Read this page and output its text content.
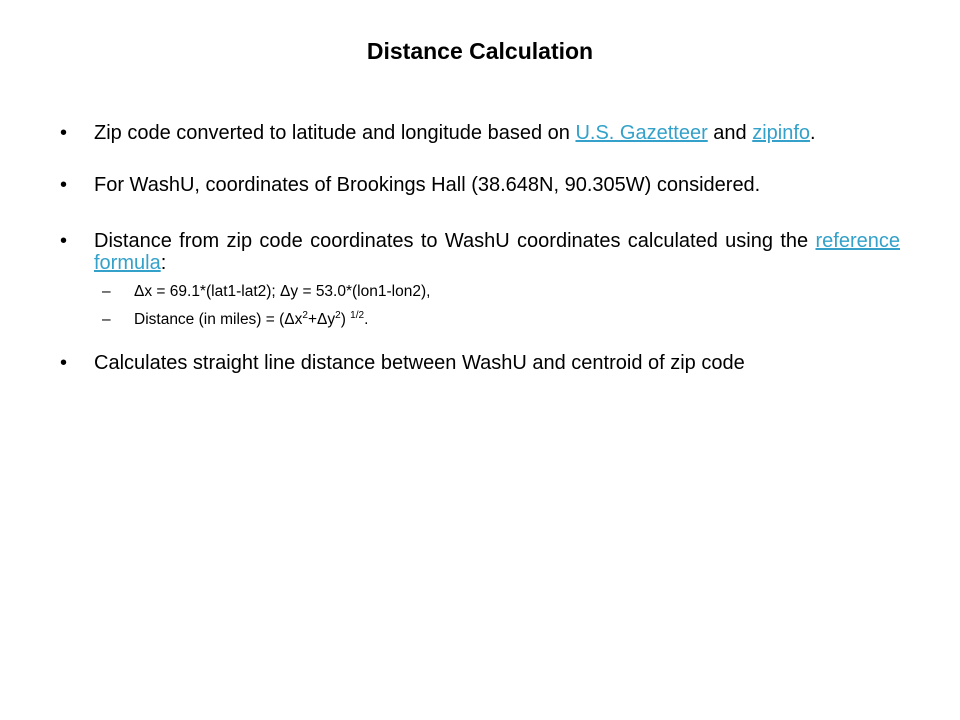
Distance Calculation
• Zip code converted to latitude and longitude based on U.S. Gazetteer and zipinfo.
• For WashU, coordinates of Brookings Hall (38.648N, 90.305W) considered.
• Distance from zip code coordinates to WashU coordinates calculated using the reference formula:
– Δx = 69.1*(lat1-lat2); Δy = 53.0*(lon1-lon2),
– Distance (in miles) = $(\Delta x^2+\Delta y^2)$ $^{1/2}$.
• Calculates straight line distance between WashU and centroid of zip code
